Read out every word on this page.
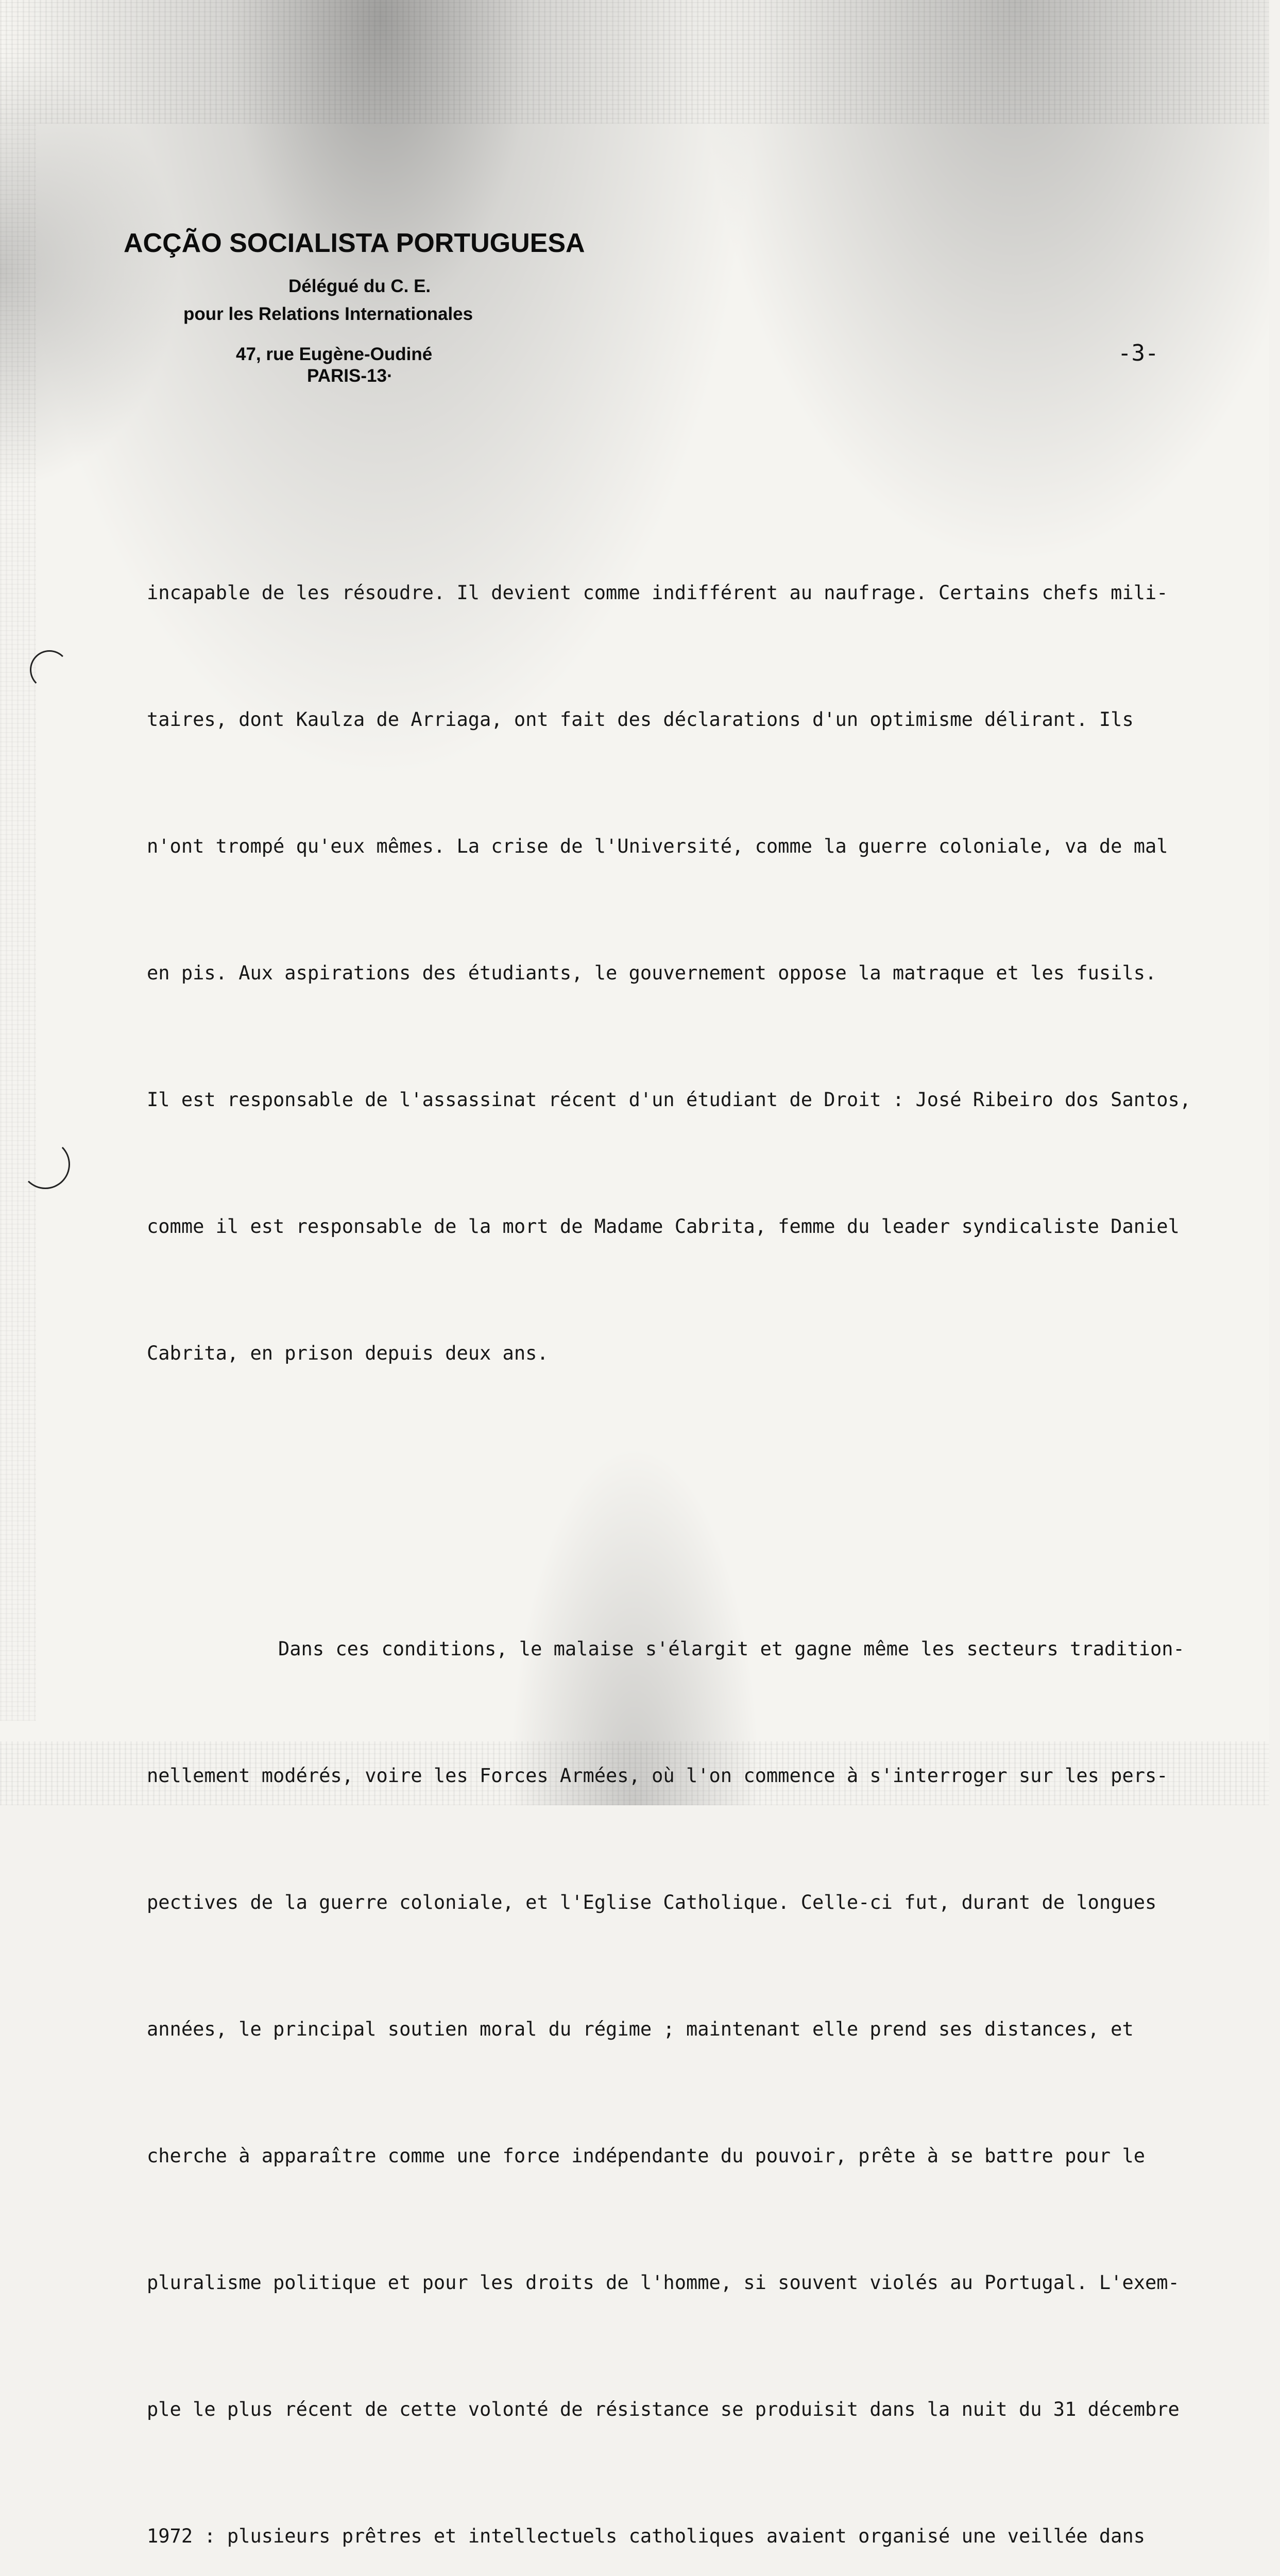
ACÇÃO SOCIALISTA PORTUGUESA
Délégué du C. E.
pour les Relations Internationales
47, rue Eugène-Oudiné
PARIS-13·
-3-

incapable de les résoudre. Il devient comme indifférent au naufrage. Certains chefs mili-

taires, dont Kaulza de Arriaga, ont fait des déclarations d'un optimisme délirant. Ils

n'ont trompé qu'eux mêmes. La crise de l'Université, comme la guerre coloniale, va de mal

en pis. Aux aspirations des étudiants, le gouvernement oppose la matraque et les fusils.

Il est responsable de l'assassinat récent d'un étudiant de Droit : José Ribeiro dos Santos,

comme il est responsable de la mort de Madame Cabrita, femme du leader syndicaliste Daniel

Cabrita, en prison depuis deux ans.

Dans ces conditions, le malaise s'élargit et gagne même les secteurs tradition-

nellement modérés, voire les Forces Armées, où l'on commence à s'interroger sur les pers-

pectives de la guerre coloniale, et l'Eglise Catholique. Celle-ci fut, durant de longues

années, le principal soutien moral du régime ; maintenant elle prend ses distances, et

cherche à apparaître comme une force indépendante du pouvoir, prête à se battre pour le

pluralisme politique et pour les droits de l'homme, si souvent violés au Portugal. L'exem-

ple le plus récent de cette volonté de résistance se produisit dans la nuit du 31 décembre

1972 : plusieurs prêtres et intellectuels catholiques avaient organisé une veillée dans
